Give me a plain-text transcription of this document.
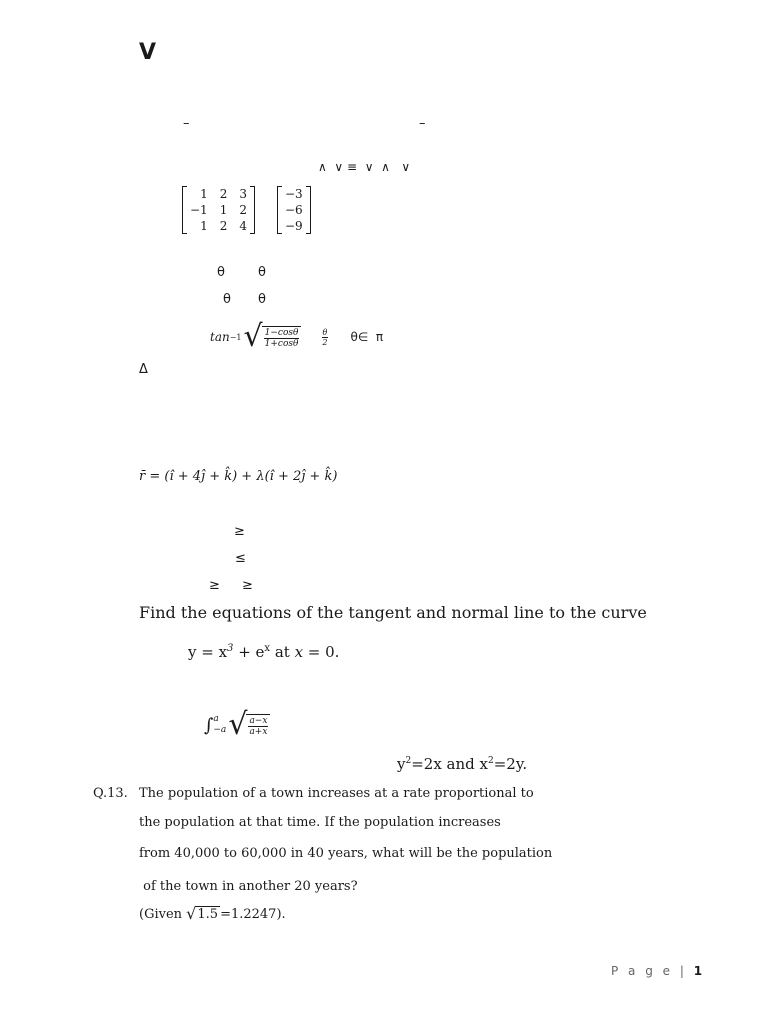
V
–	–
∧  ∨ ≡  ∨  ∧   ∨
1 2 3
−1 1 2
1 2 4
−3
−6
−9
θ	θ
θ θ
tan −1 √ $\frac{1-\cos\theta}{1+\cos\theta}$	$\frac{\theta}{2}$ θ∈  π
Δ
r̄ = (î + 4ĵ + k̂) + λ(î + 2ĵ + k̂)
≥
≤
≥ ≥
Find the equations of the tangent and normal line to the curve
$y = x^3 + e^x$ at x = 0.
∫ a
−a √ $\frac{a-x}{a+x}$
$y^2=2x$ and $x^2=2y$.
Q.13. The population of a town increases at a rate proportional to
the population at that time. If the population increases
from 40,000 to 60,000 in 40 years, what will be the population
of the town in another 20 years?
(Given √ 1.5 =1.2247).
P a g e | 1
